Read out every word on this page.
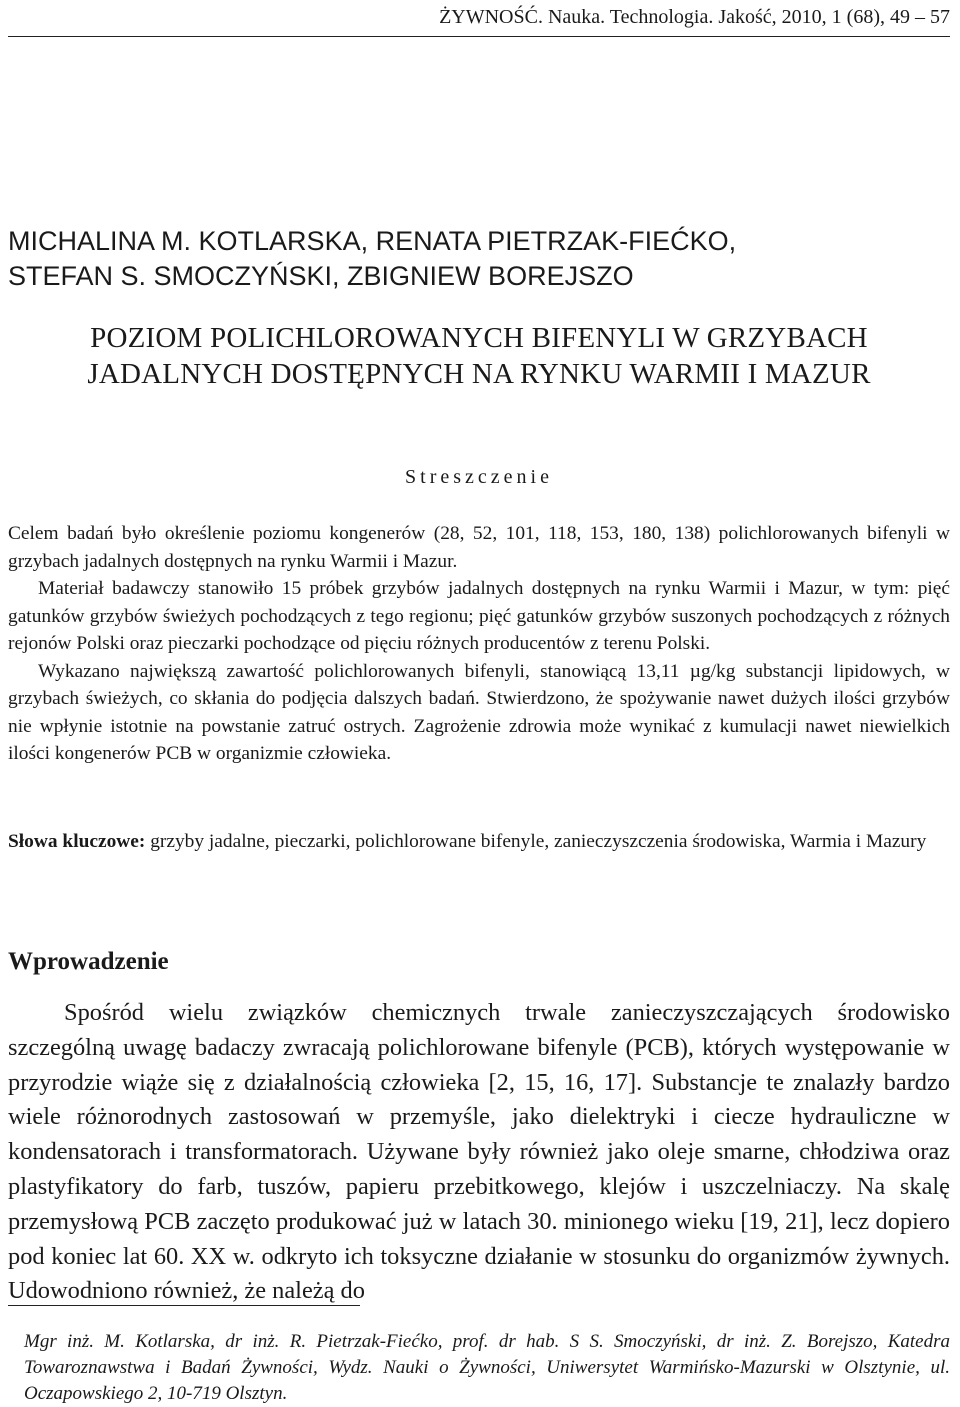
ŻYWNOŚĆ. Nauka. Technologia. Jakość, 2010, 1 (68), 49 – 57
MICHALINA M. KOTLARSKA, RENATA PIETRZAK-FIEĆKO,
STEFAN S. SMOCZYŃSKI, ZBIGNIEW BOREJSZO
POZIOM POLICHLOROWANYCH BIFENYLI W GRZYBACH
JADALNYCH DOSTĘPNYCH NA RYNKU WARMII I MAZUR
Streszczenie

Celem badań było określenie poziomu kongenerów (28, 52, 101, 118, 153, 180, 138) polichlorowanych bifenyli w grzybach jadalnych dostępnych na rynku Warmii i Mazur.

Materiał badawczy stanowiło 15 próbek grzybów jadalnych dostępnych na rynku Warmii i Mazur, w tym: pięć gatunków grzybów świeżych pochodzących z tego regionu; pięć gatunków grzybów suszonych pochodzących z różnych rejonów Polski oraz pieczarki pochodzące od pięciu różnych producentów z terenu Polski.

Wykazano największą zawartość polichlorowanych bifenyli, stanowiącą 13,11 µg/kg substancji lipidowych, w grzybach świeżych, co skłania do podjęcia dalszych badań. Stwierdzono, że spożywanie nawet dużych ilości grzybów nie wpłynie istotnie na powstanie zatruć ostrych. Zagrożenie zdrowia może wynikać z kumulacji nawet niewielkich ilości kongenerów PCB w organizmie człowieka.

Słowa kluczowe: grzyby jadalne, pieczarki, polichlorowane bifenyle, zanieczyszczenia środowiska, Warmia i Mazury

Wprowadzenie

Spośród wielu związków chemicznych trwale zanieczyszczających środowisko szczególną uwagę badaczy zwracają polichlorowane bifenyle (PCB), których występowanie w przyrodzie wiąże się z działalnością człowieka [2, 15, 16, 17]. Substancje te znalazły bardzo wiele różnorodnych zastosowań w przemyśle, jako dielektryki i ciecze hydrauliczne w kondensatorach i transformatorach. Używane były również jako oleje smarne, chłodziwa oraz plastyfikatory do farb, tuszów, papieru przebitkowego, klejów i uszczelniaczy. Na skalę przemysłową PCB zaczęto produkować już w latach 30. minionego wieku [19, 21], lecz dopiero pod koniec lat 60. XX w. odkryto ich toksyczne działanie w stosunku do organizmów żywnych. Udowodniono również, że należą do

Mgr inż. M. Kotlarska, dr inż. R. Pietrzak-Fiećko, prof. dr hab. S S. Smoczyński, dr inż. Z. Borejszo, Katedra Towaroznawstwa i Badań Żywności, Wydz. Nauki o Żywności, Uniwersytet Warmińsko-Mazurski w Olsztynie, ul. Oczapowskiego 2, 10-719 Olsztyn.
